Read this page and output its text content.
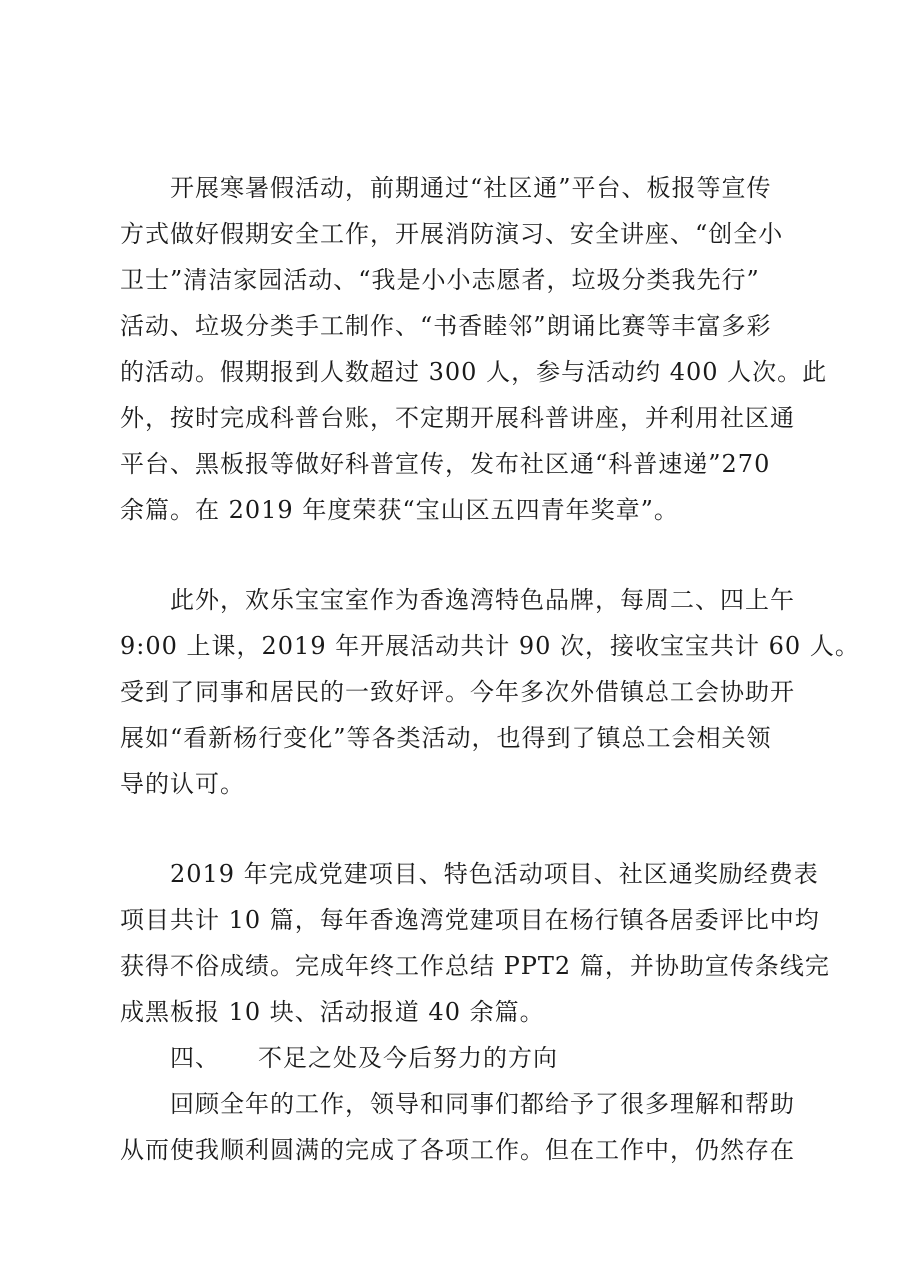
开展寒暑假活动，前期通过“社区通”平台、板报等宣传
方式做好假期安全工作，开展消防演习、安全讲座、“创全小
卫士”清洁家园活动、“我是小小志愿者，垃圾分类我先行”
活动、垃圾分类手工制作、“书香睦邻”朗诵比赛等丰富多彩
的活动。假期报到人数超过 300 人，参与活动约 400 人次。此
外，按时完成科普台账，不定期开展科普讲座，并利用社区通
平台、黑板报等做好科普宣传，发布社区通“科普速递”270
余篇。在 2019 年度荣获“宝山区五四青年奖章”。
此外，欢乐宝宝室作为香逸湾特色品牌，每周二、四上午
9:00 上课，2019 年开展活动共计 90 次，接收宝宝共计 60 人。
受到了同事和居民的一致好评。今年多次外借镇总工会协助开
展如“看新杨行变化”等各类活动，也得到了镇总工会相关领
导的认可。
2019 年完成党建项目、特色活动项目、社区通奖励经费表
项目共计 10 篇，每年香逸湾党建项目在杨行镇各居委评比中均
获得不俗成绩。完成年终工作总结 PPT2 篇，并协助宣传条线完
成黑板报 10 块、活动报道 40 余篇。
四、 不足之处及今后努力的方向
回顾全年的工作，领导和同事们都给予了很多理解和帮助
从而使我顺利圆满的完成了各项工作。但在工作中，仍然存在
